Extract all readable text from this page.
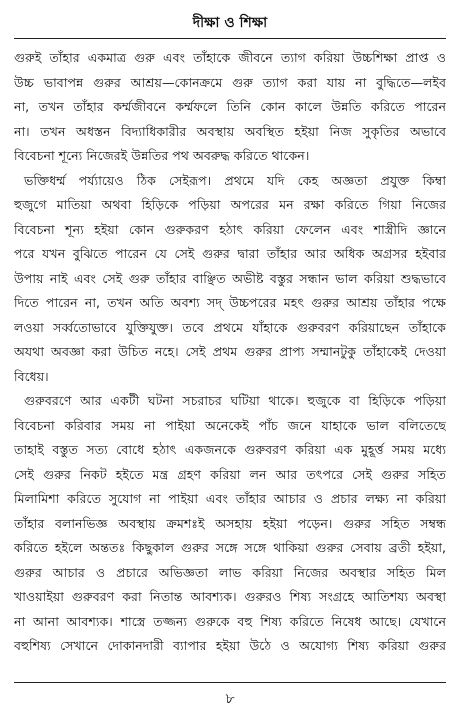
দীক্ষা ও শিক্ষা
গুরুই তাঁহার একমাত্র গুরু এবং তাঁহাকে জীবনে ত্যাগ করিয়া উচ্চশিক্ষা প্রাপ্ত ও
উচ্চ ভাবাপন্ন গুরুর আশ্রয়—কোনক্রমে গুরু ত্যাগ করা যায় না বুদ্ধিতে—লইব
না, তখন তাঁহার কর্ম্মজীবনে কর্ম্মফলে তিনি কোন কালে উন্নতি করিতে পারেন
না। তখন অধস্তন বিদ্যাধিকারীর অবস্থায় অবস্থিত হইয়া নিজ সুকৃতির অভাবে
বিবেচনা শূন্যে নিজেরই উন্নতির পথ অবরুদ্ধ করিতে থাকেন।
ভক্তিধর্ম্ম পর্য্যায়েও ঠিক সেইরূপ। প্রথমে যদি কেহ অজ্ঞতা প্রযুক্ত কিম্বা
হুজুগে মাতিয়া অথবা হিড়িকে পড়িয়া অপরের মন রক্ষা করিতে গিয়া নিজের
বিবেচনা শূন্য হইয়া কোন গুরুকরণ হঠাৎ করিয়া ফেলেন এবং শাস্ত্রীদি জ্ঞানে
পরে যখন বুঝিতে পারেন যে সেই গুরুর দ্বারা তাঁহার আর অধিক অগ্রসর হইবার
উপায় নাই এবং সেই গুরু তাঁহার বাঞ্ছিত অভীষ্ট বস্তুর সন্ধান ভাল করিয়া শুদ্ধভাবে
দিতে পারেন না, তখন অতি অবশ্য সদ্ উচ্চপরের মহৎ গুরুর আশ্রয় তাঁহার পক্ষে
লওয়া সর্ব্বতোভাবে যুক্তিযুক্ত। তবে প্রথমে যাঁহাকে গুরুবরণ করিয়াছেন তাঁহাকে
অযথা অবজ্ঞা করা উচিত নহে। সেই প্রথম গুরুর প্রাপ্য সম্মানটুকু তাঁহাকেই দেওয়া
বিধেয়।
গুরুবরণে আর একটী ঘটনা সচরাচর ঘটিয়া থাকে। হুজুকে বা হিড়িকে পড়িয়া
বিবেচনা করিবার সময় না পাইয়া অনেকেই পাঁচ জনে যাহাকে ভাল বলিতেছে
তাহাই বস্তুত সত্য বোধে হঠাৎ একজনকে গুরুবরণ করিয়া এক মুহূর্ত্ত সময় মধ্যে
সেই গুরুর নিকট হইতে মন্ত্র গ্রহণ করিয়া লন আর তৎপরে সেই গুরুর সহিত
মিলামিশা করিতে সুযোগ না পাইয়া এবং তাঁহার আচার ও প্রচার লক্ষ্য না করিয়া
তাঁহার বলানভিজ্ঞ অবস্থায় ক্রমশঃই অসহায় হইয়া পড়েন। গুরুর সহিত সম্বন্ধ
করিতে হইলে অন্ততঃ কিছুকাল গুরুর সঙ্গে সঙ্গে থাকিয়া গুরুর সেবায় ব্রতী হইয়া,
গুরুর আচার ও প্রচারে অভিজ্ঞতা লাভ করিয়া নিজের অবস্থার সহিত মিল
খাওয়াইয়া গুরুবরণ করা নিতান্ত আবশ্যক। গুরুরও শিষ্য সংগ্রহে আতিশয্য অবস্থা
না আনা আবশ্যক। শাস্ত্রে তজ্জন্য গুরুকে বহু শিষ্য করিতে নিষেধ আছে। যেখানে
বহুশিষ্য সেখানে দোকানদারী ব্যাপার হইয়া উঠে ও অযোগ্য শিষ্য করিয়া গুরুর
৮
